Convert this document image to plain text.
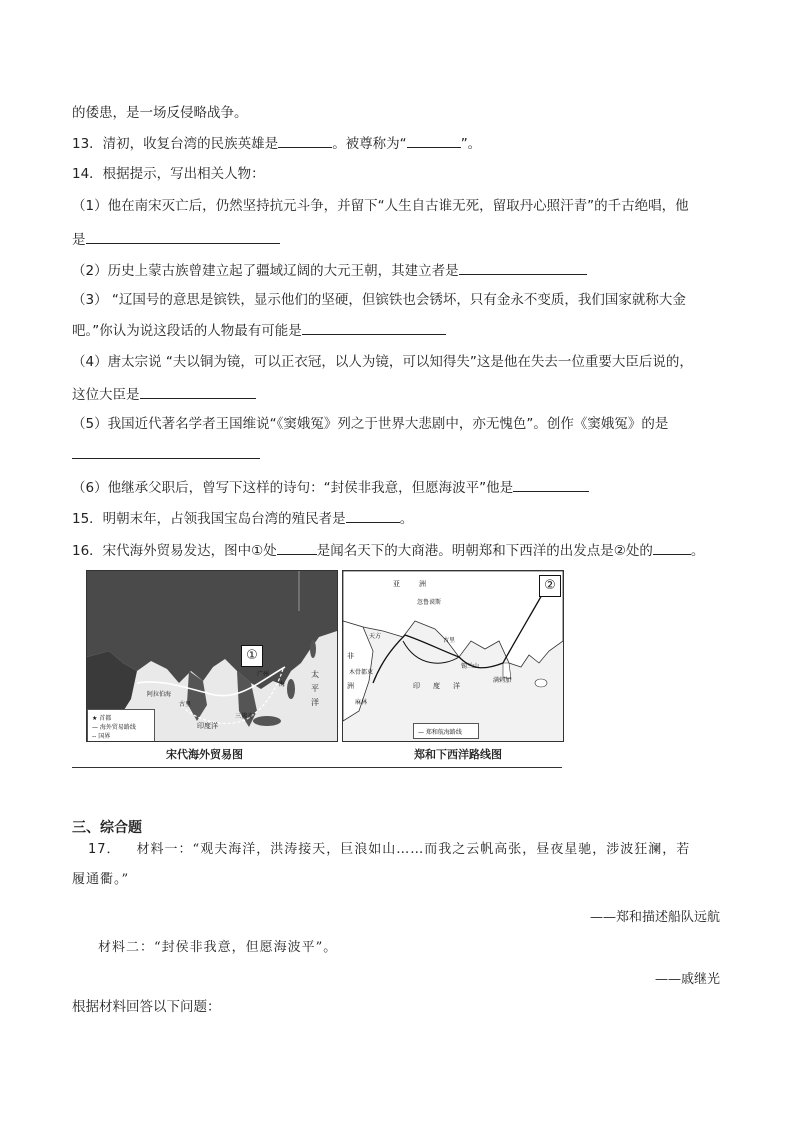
的倭患，是一场反侵略战争。
13．清初，收复台湾的民族英雄是	。被尊称为“	”。
14．根据提示，写出相关人物：
（1）他在南宋灭亡后，仍然坚持抗元斗争，并留下“人生自古谁无死，留取丹心照汗青”的千古绝唱，他
是
（2）历史上蒙古族曾建立起了疆域辽阔的大元王朝，其建立者是
（3） “辽国号的意思是镔铁，显示他们的坚硬，但镔铁也会锈坏，只有金永不变质，我们国家就称大金
吧。”你认为说这段话的人物最有可能是
（4）唐太宗说 “夫以铜为镜，可以正衣冠，以人为镜，可以知得失”这是他在失去一位重要大臣后说的，
这位大臣是
（5）我国近代著名学者王国维说“《窦娥冤》列之于世界大悲剧中，亦无愧色”。创作《窦娥冤》的是
（6）他继承父职后，曾写下这样的诗句：“封侯非我意，但愿海波平”他是
15．明朝末年，占领我国宝岛台湾的殖民者是	。
16．宋代海外贸易发达，图中①处	是闻名天下的大商港。明朝郑和下西洋的出发点是②处的	。
阿拉伯海
印度洋
太
平
洋
海
广州
古里
三佛齐
①
★ 首都
— 海外贸易路线
-- 国界
宋代海外贸易图
亚	洲
忽鲁谟斯
古里
锡兰山
满剌加
木骨都束
非
洲
天方
麻林
印 度 洋
②
— 郑和航海路线
郑和下西洋路线图
三、综合题
17． 材料一：“观夫海洋，洪涛接天，巨浪如山……而我之云帆高张，昼夜星驰，涉波狂澜，若
履通衢。”
——郑和描述船队远航
材料二：“封侯非我意，但愿海波平”。
——戚继光
根据材料回答以下问题：
